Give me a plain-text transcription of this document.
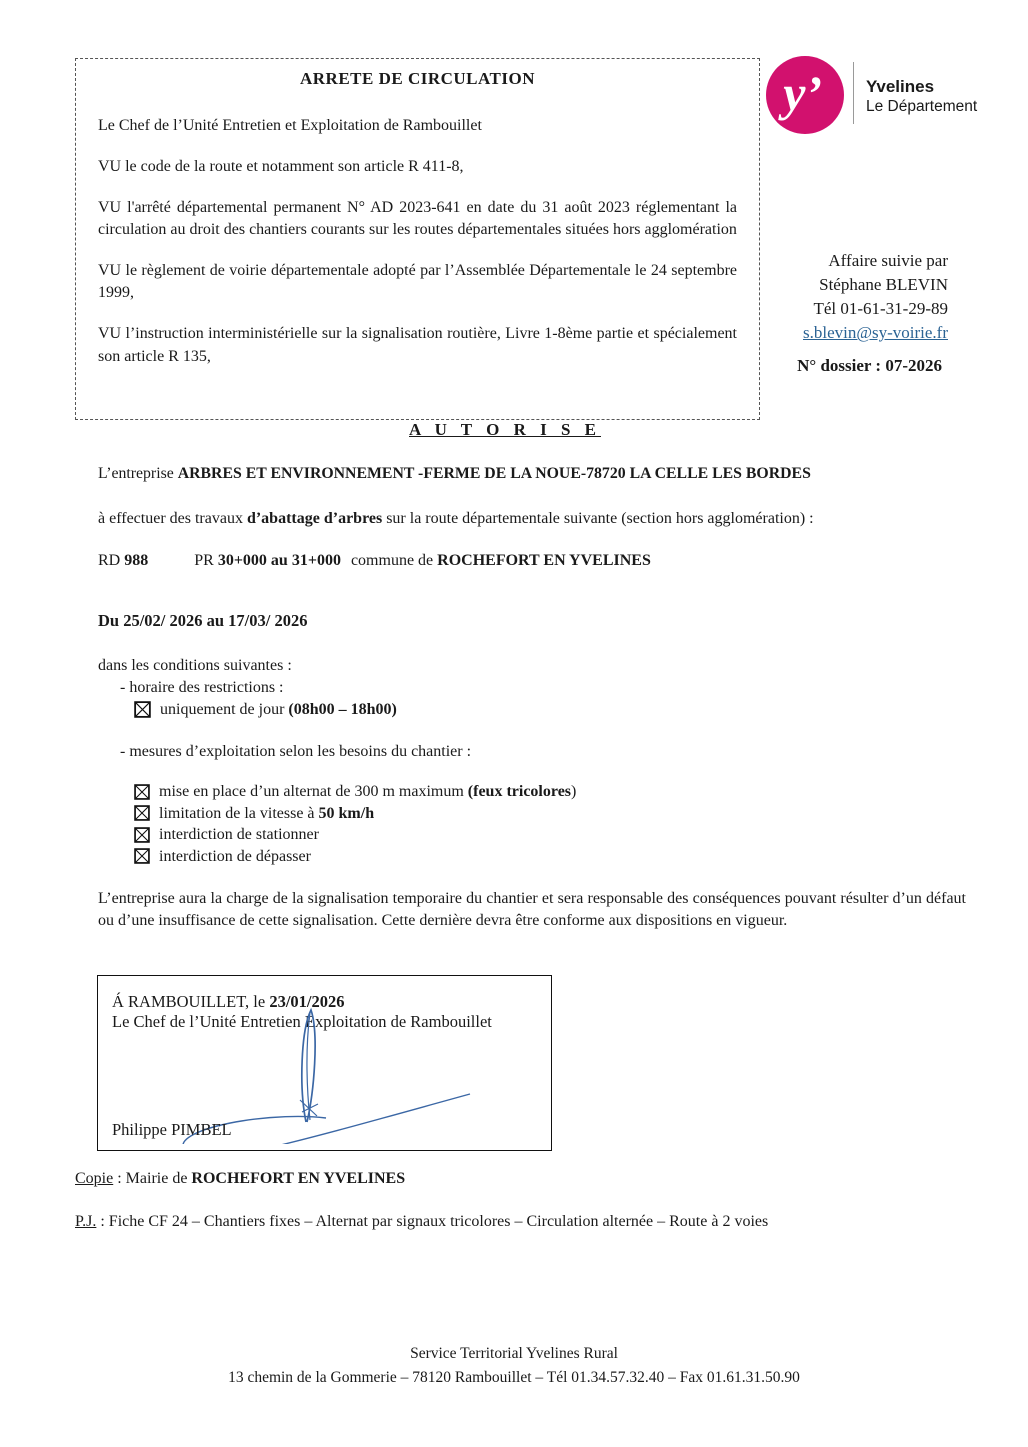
ARRETE DE CIRCULATION

Le Chef de l’Unité Entretien et Exploitation de Rambouillet

VU le code de la route et notamment son article R 411-8,

VU l'arrêté départemental permanent N° AD 2023-641 en date du 31 août 2023 réglementant la circulation au droit des chantiers courants sur les routes départementales situées hors agglomération

VU le règlement de voirie départementale adopté par l’Assemblée Départementale le 24 septembre 1999,

VU l’instruction interministérielle sur la signalisation routière, Livre 1-8ème partie et spécialement son article R 135,

y’	Yvelines
Le Département
Affaire suivie par
Stéphane BLEVIN
Tél 01-61-31-29-89
s.blevin@sy-voirie.fr
N° dossier : 07-2026
A U T O R I S E
L’entreprise ARBRES ET ENVIRONNEMENT -FERME DE LA NOUE-78720 LA CELLE LES BORDES
à effectuer des travaux d’abattage d’arbres sur la route départementale suivante (section hors agglomération) :
RD 988	PR 30+000 au 31+000 commune de ROCHEFORT EN YVELINES
Du 25/02/ 2026 au 17/03/ 2026
dans les conditions suivantes :
- horaire des restrictions :
uniquement de jour (08h00 – 18h00)
- mesures d’exploitation selon les besoins du chantier :
mise en place d’un alternat de 300 m maximum (feux tricolores)
limitation de la vitesse à 50 km/h
interdiction de stationner
interdiction de dépasser
L’entreprise aura la charge de la signalisation temporaire du chantier et sera responsable des conséquences pouvant résulter d’un défaut ou d’une insuffisance de cette signalisation. Cette dernière devra être conforme aux dispositions en vigueur.
Á RAMBOUILLET, le 23/01/2026
Le Chef de l’Unité Entretien Exploitation de Rambouillet
Philippe PIMBEL
Copie : Mairie de ROCHEFORT EN YVELINES
P.J. : Fiche CF 24 – Chantiers fixes – Alternat par signaux tricolores – Circulation alternée – Route à 2 voies
Service Territorial Yvelines Rural
13 chemin de la Gommerie – 78120 Rambouillet – Tél 01.34.57.32.40 – Fax 01.61.31.50.90
